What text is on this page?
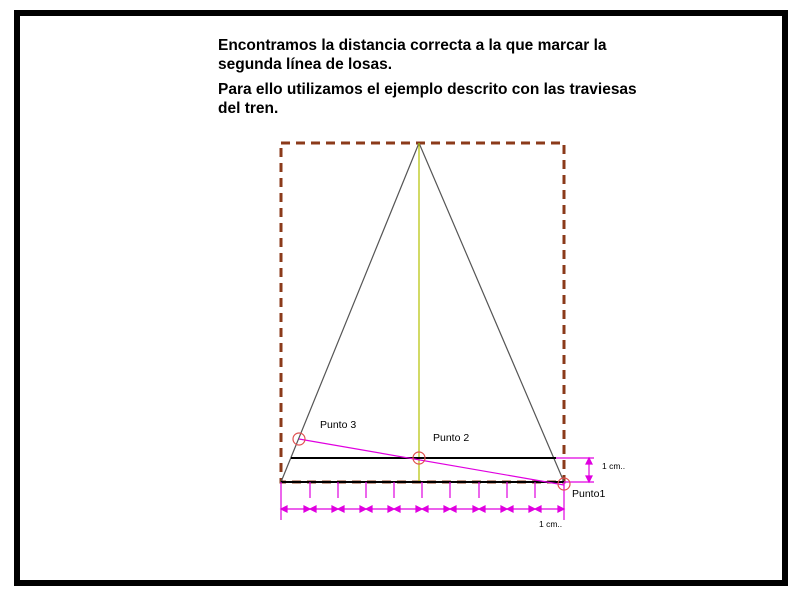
Encontramos la distancia correcta a la que marcar la segunda línea de losas.

Para ello utilizamos el ejemplo descrito con las traviesas del tren.

Punto 3
Punto 2
Punto1
1 cm..
1 cm..
